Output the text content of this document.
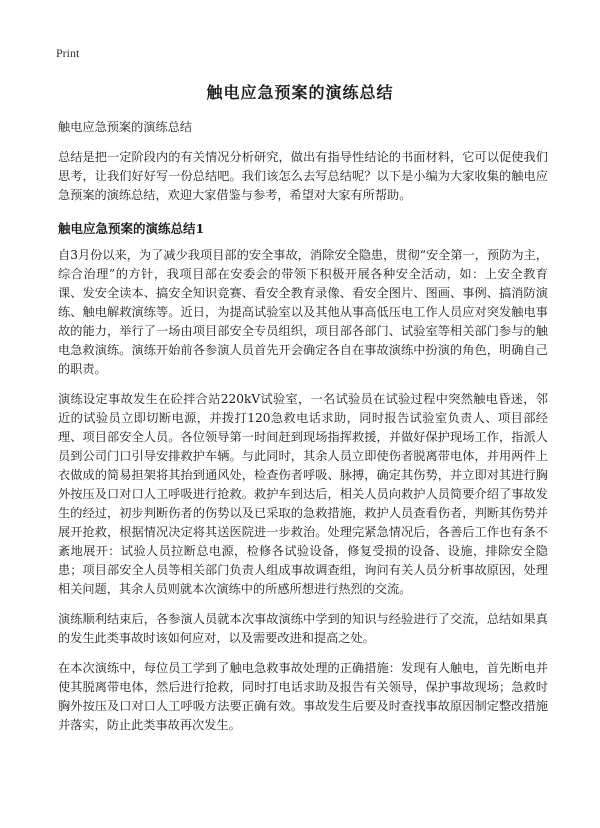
Print
触电应急预案的演练总结

触电应急预案的演练总结

总结是把一定阶段内的有关情况分析研究，做出有指导性结论的书面材料，它可以促使我们思考，让我们好好写一份总结吧。我们该怎么去写总结呢？以下是小编为大家收集的触电应急预案的演练总结，欢迎大家借鉴与参考，希望对大家有所帮助。

触电应急预案的演练总结1

自3月份以来，为了减少我项目部的安全事故，消除安全隐患，贯彻“安全第一，预防为主，综合治理”的方针，我项目部在安委会的带领下积极开展各种安全活动，如：上安全教育课、发安全读本、搞安全知识竞赛、看安全教育录像、看安全图片、图画、事例、搞消防演练、触电解救演练等。近日，为提高试验室以及其他从事高低压电工作人员应对突发触电事故的能力，举行了一场由项目部安全专员组织，项目部各部门、试验室等相关部门参与的触电急救演练。演练开始前各参演人员首先开会确定各自在事故演练中扮演的角色，明确自己的职责。

演练设定事故发生在砼拌合站220kV试验室，一名试验员在试验过程中突然触电昏迷，邻近的试验员立即切断电源，并拨打120急救电话求助，同时报告试验室负责人、项目部经理、项目部安全人员。各位领导第一时间赶到现场指挥救援，并做好保护现场工作，指派人员到公司门口引导安排救护车辆。与此同时，其余人员立即使伤者脱离带电体，并用两件上衣做成的简易担架将其抬到通风处，检查伤者呼吸、脉搏，确定其伤势，并立即对其进行胸外按压及口对口人工呼吸进行抢救。救护车到达后，相关人员向救护人员简要介绍了事故发生的经过，初步判断伤者的伤势以及已采取的急救措施，救护人员查看伤者，判断其伤势并展开抢救，根据情况决定将其送医院进一步救治。处理完紧急情况后，各善后工作也有条不紊地展开：试验人员拉断总电源，检修各试验设备，修复受损的设备、设施，排除安全隐患；项目部安全人员等相关部门负责人组成事故调查组，询问有关人员分析事故原因，处理相关问题，其余人员则就本次演练中的所感所想进行热烈的交流。

演练顺利结束后，各参演人员就本次事故演练中学到的知识与经验进行了交流，总结如果真的发生此类事故时该如何应对，以及需要改进和提高之处。

在本次演练中，每位员工学到了触电急救事故处理的正确措施：发现有人触电，首先断电并使其脱离带电体，然后进行抢救，同时打电话求助及报告有关领导，保护事故现场；急救时胸外按压及口对口人工呼吸方法要正确有效。事故发生后要及时查找事故原因制定整改措施并落实，防止此类事故再次发生。
